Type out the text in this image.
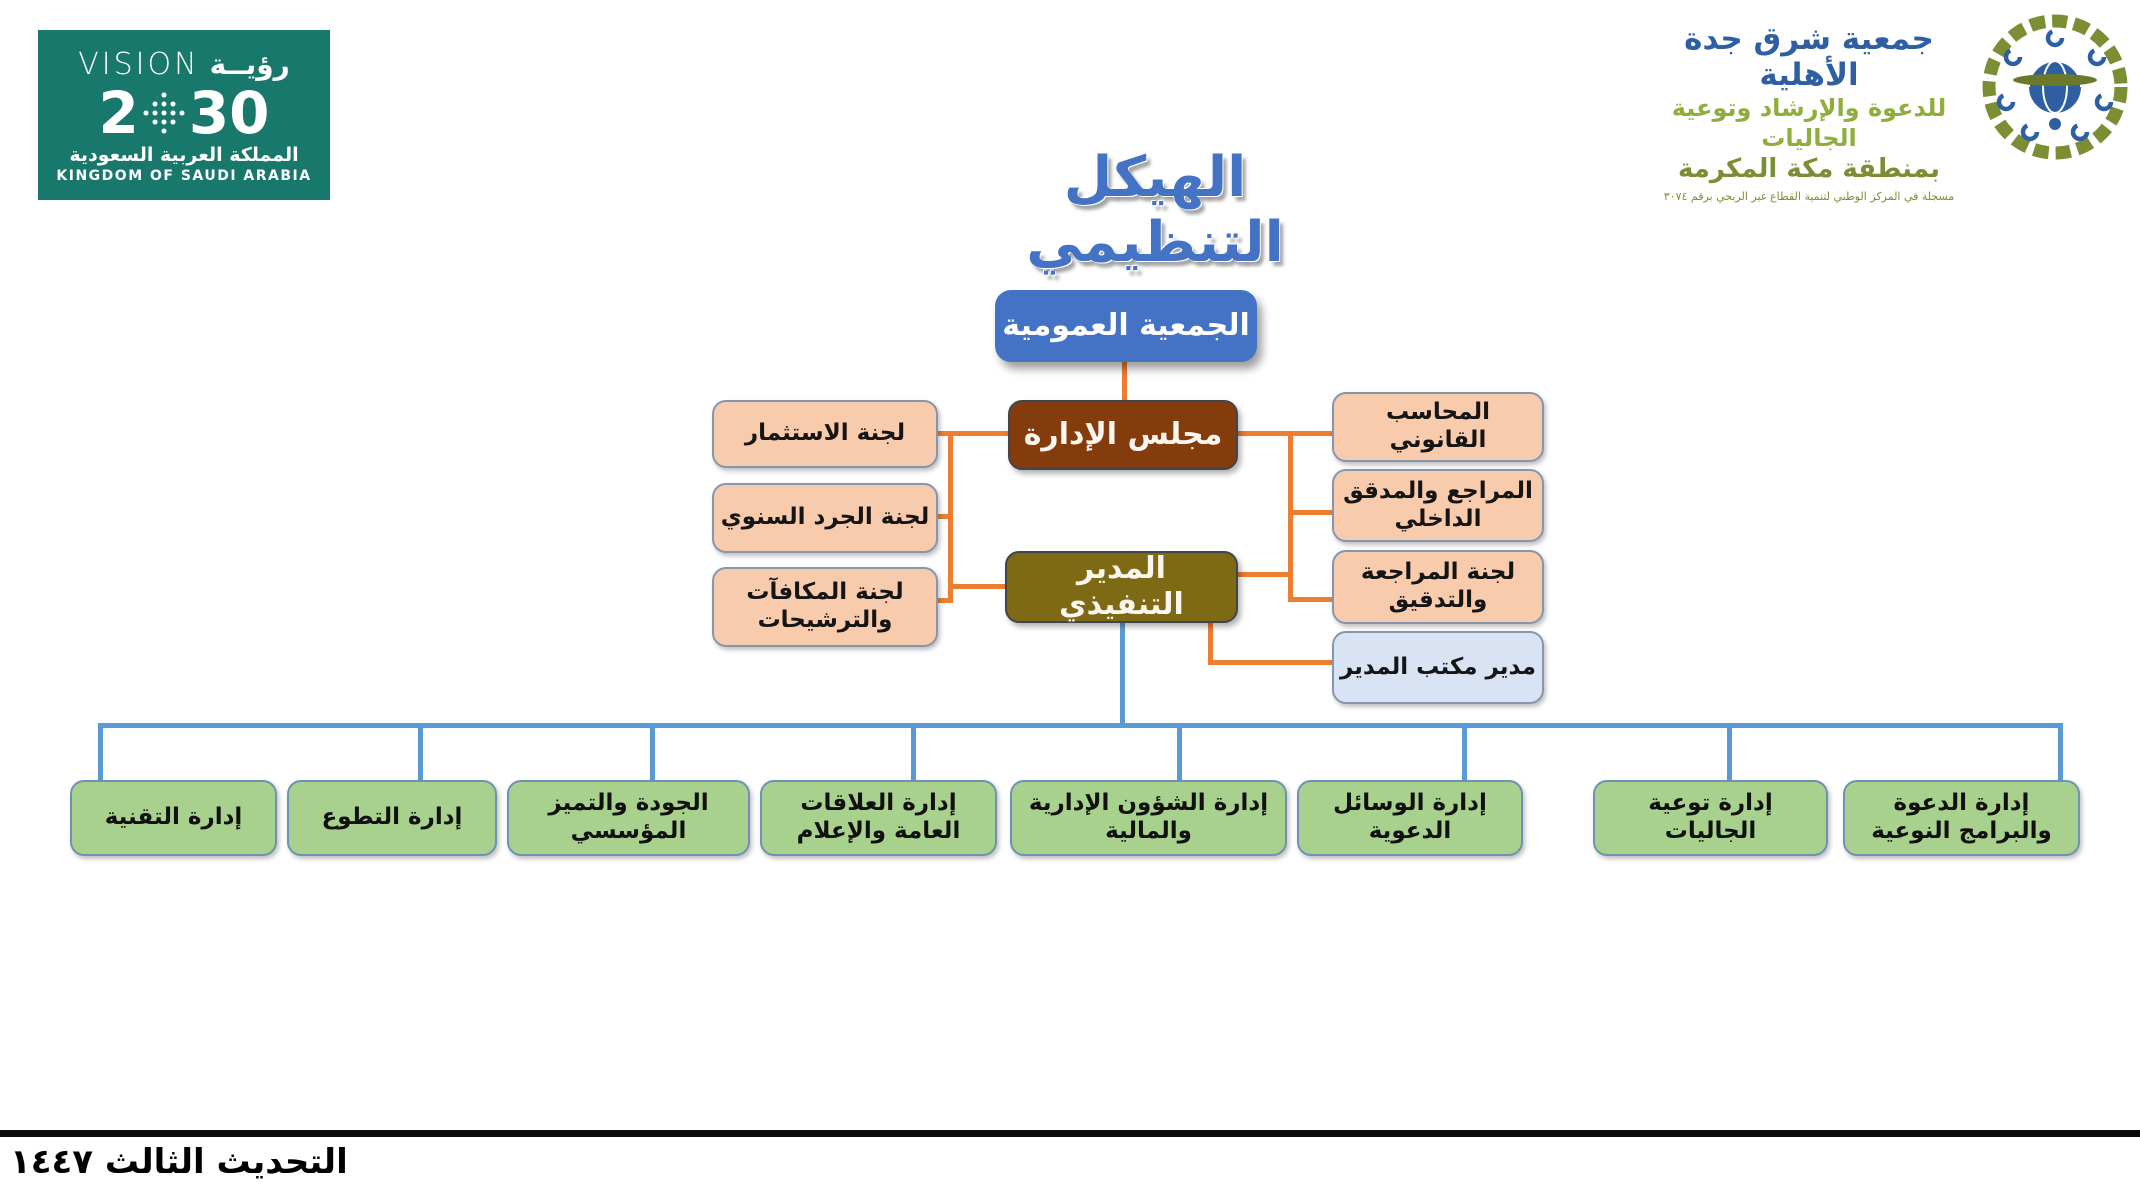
VISION رؤيــة
2 30
المملكة العربية السعودية
KINGDOM OF SAUDI ARABIA
جمعية شرق جدة الأهلية
للدعوة والإرشاد وتوعية الجاليات
بمنطقة مكة المكرمة
مسجلة في المركز الوطني لتنمية القطاع غير الربحي برقم ٣٠٧٤
الهيكل التنظيمي
الجمعية العمومية
مجلس الإدارة
المدير التنفيذي
لجنة الاستثمار
لجنة الجرد السنوي
لجنة المكافآت والترشيحات
المحاسب القانوني
المراجع والمدقق الداخلي
لجنة المراجعة والتدقيق
مدير مكتب المدير
إدارة التقنية	إدارة التطوع
الجودة والتميز المؤسسي
إدارة العلاقات العامة والإعلام
إدارة الشؤون الإدارية والمالية
إدارة الوسائل الدعوية
إدارة توعية الجاليات
إدارة الدعوة والبرامج النوعية
التحديث الثالث ١٤٤٧
